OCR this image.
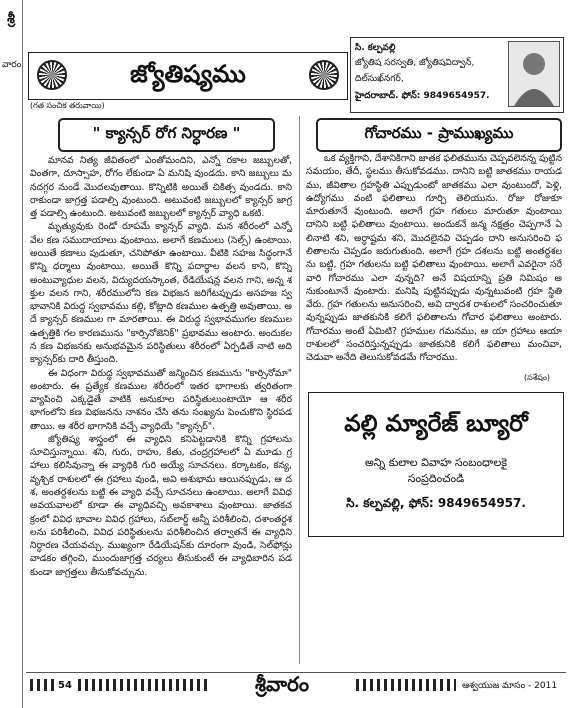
శ్రీ
వారం	జ్యోతిష్యము
(గత సంచిక తరువాయి)
సి. కల్పవల్లి
జ్యోతిష సరస్వతి, జ్యోతిషవిద్వాన్,
దిల్‌సుఖ్‌నగర్,
హైదరాబాద్. ఫోన్: 9849654957.
" క్యాన్సర్ రోగ నిర్ధారణ "	గోచారము - ప్రాముఖ్యము

మానవ నిత్య జీవితంలో ఎంతోమందిని, ఎన్నో రకాల జబ్బులతో, వింతగా, దూస్సాహ, రోగం లేకుండా ఏ మనిషి వుండదు. కాని జబ్బులు మనదగ్గర నుండే మొదలవుతాయి. కొన్నిటికి అయితే చికిత్స వుండదు. కాని రాకుండా జాగ్రత్త పడాల్సి వుంటుంది. అటువంటి జబ్బులలో క్యాన్సర్ జాగ్రత్త పడాల్సి ఉంటుంది. అటువంటి జబ్బులలో క్యాన్సర్ వ్యాధి ఒకటి.

మృత్యువుకు రెండో రూపమే క్యాన్సర్ వ్యాధి. మన శరీరంలో ఎన్నో వేల కణ సముదాయాలు వుంటాయి. అలాగే కణములు (సెల్స్) ఉంటాయి. అయితే కణాలు పుడుతూ, చనిపోతూ ఉంటాయి. వీటికి సహజ సిద్ధంగానే కొన్ని ధర్మాలు వుంటాయి. అయితే కొన్ని పదార్థాల వలన కాని, కొన్ని అంటువ్యాధుల వలన, విద్యుదయస్కాంత, రేడియేషన్ల వలన గాని, అన్న శక్తుల వలన గాని, శరీరములోని కణ విభజన జరిగేటప్పుడు అసహజ స్వభావానికి విరుద్ధ స్వభావము కల్గి, కోట్లాది కణముల ఉత్పత్తి అవుతాయి. అదే క్యాన్సర్ కణముల గా మారతాయి. ఈ విరుద్ధ స్వభావముగల కణముల ఉత్పత్తికి గల కారణమును "కార్సినోజెనిక్" ప్రభావము అంటారు. అందుకలన కణ విభజనకు అనుభవమైన పరిస్థితులు శరీరంలో ఏర్పడితే నాటి అది క్యాన్సర్‌కు దారి తీస్తుంది.

ఈ విధంగా విరుద్ధ స్వభావముతో జన్మించిన కణమును "కార్సినోమా" అంటారు. ఈ ప్రత్యేక కణముల శరీరంలో ఇతర భాగాలకు త్వరితంగా వ్యాపించి ఎక్కడైతే వాటికి అనుకూల పరిస్థితులుంటాయో ఆ శరీర భాగంలోని కణ విభజనను నాశనం చేసి తను సంఖ్యను పెంచుకొని స్థిరపడతాయి. ఆ శరీర భాగానికి వచ్చే వ్యాధియే "క్యాన్సర్".

జ్యోతిష్య శాస్త్రంలో ఈ వ్యాధిని కనిపెట్టడానికి కొన్ని గ్రహాలను సూచిస్తున్నాయి. శని, గురు, రాహు, కేతు, చంద్రగ్రహాలలో ఏ మూడు గ్రహాలు కలిసివున్నా ఈ వ్యాధికి గురి అయ్యే సూచనలు. కర్కాటకం, కన్య, వృశ్చిక రాశులలో ఈ గ్రహాలు వుండి, అవి అశుభామ ఆయినప్పుడు, ఆ దశ, అంతర్దశలను బట్టి ఈ వ్యాధి వచ్చే సూచనలు ఉంటాయి. అలాగే వివిధ అవయవాలలో కూడా ఈ వ్యాధివచ్చి అవకాశాలు వుంటాయి. జాతకచక్రంలో వివిధ భావాల వివిధ గ్రహాలు, సబ్‌లార్డ్ అన్నీ పరిశీలించి, దశాంతర్దశలను పరిశీలించి, వివిధ పరిస్థితులను పరిశీలించిన తర్వాతనే ఈ వ్యాధిని నిర్ధారణ చేయవచ్చు. ముఖ్యంగా రేడియేషన్‌కు దూరంగా వుండి, సెల్‌ఫోన్లు వాడకం తగ్గించి, ముందుజాగ్రత్త చర్యలు తీసుకుంటే ఈ వ్యాధిబారిన పడకుండా జాగ్రత్తలు తీసుకోవచ్చును.

ఒక వ్యక్తిగాని, దేశానికిగాని జాతక ఫలితమును చెప్పవలెనన్న పుట్టిన సమయం, తేదీ, స్థలము తీసుకోవడము. దానిని బట్టి జాతకము రాయడము, జీవితాల గ్రహస్థితి ఎప్పుడుంటో జాతకము ఎలా వుంటుందో, పెళ్లి, ఉద్యోగము వంటి ఫలితాలు గూర్చి తెలియును. రోజు రోజుకూ మారుతూనే వుంటుంది. అలాగే గ్రహ గతులు మారుతూ వుంటాయి దానిని బట్టి ఫలితాలు వుంటాయి. అందుకనే జన్మ నక్షత్రం చెప్పగానే ఏలినాటి శని, అర్ధాష్టమ శని, మొదలైనవి చెప్పడం దాని అనుసరించి ఫలితాలను చెప్పడం జరుగుతుంది. అలాగే గ్రహ దశలను బట్టి అంతర్దశలను బట్టి, గ్రహ గతులను బట్టి ఫలితాలు వుంటాయి. అలాగే ఎవరైనా సరే వారి గోచారము ఎలా వున్నది? అనే విషయాన్ని ప్రతి నిమిషం అనుకుంటూనే వుంటారు. మనిషి పుట్టినప్పుడు వున్నటువంటి గ్రహ స్థితి వేరు. గ్రహ గతులను అనుసరించి, అవి ద్వాదశ రాశులలో సంచరించుతూ వున్నప్పుడు జాతకునికి కలిగే ఫలితాలను గోచార ఫలితాలు అంటారు. గోచారము అంటే ఏమిటి? గ్రహముల గమనము, ఆ యా గ్రహాలు ఆయా రాశులలో సంచరిస్తున్నప్పుడు జాతకునికి కలిగే ఫలితాలు మంచివా, చెడువా అనేది తెలుసుకోవడమే గోచారము.

(సశేషం)
వల్లి మ్యారేజ్ బ్యూరో
అన్ని కులాల వివాహ సంబంధాలకై
సంప్రదించండి
సి. కల్పవల్లి, ఫోన్: 9849654957.
54	శ్రీవారం	ఆశ్వయుజ మాసం - 2011
